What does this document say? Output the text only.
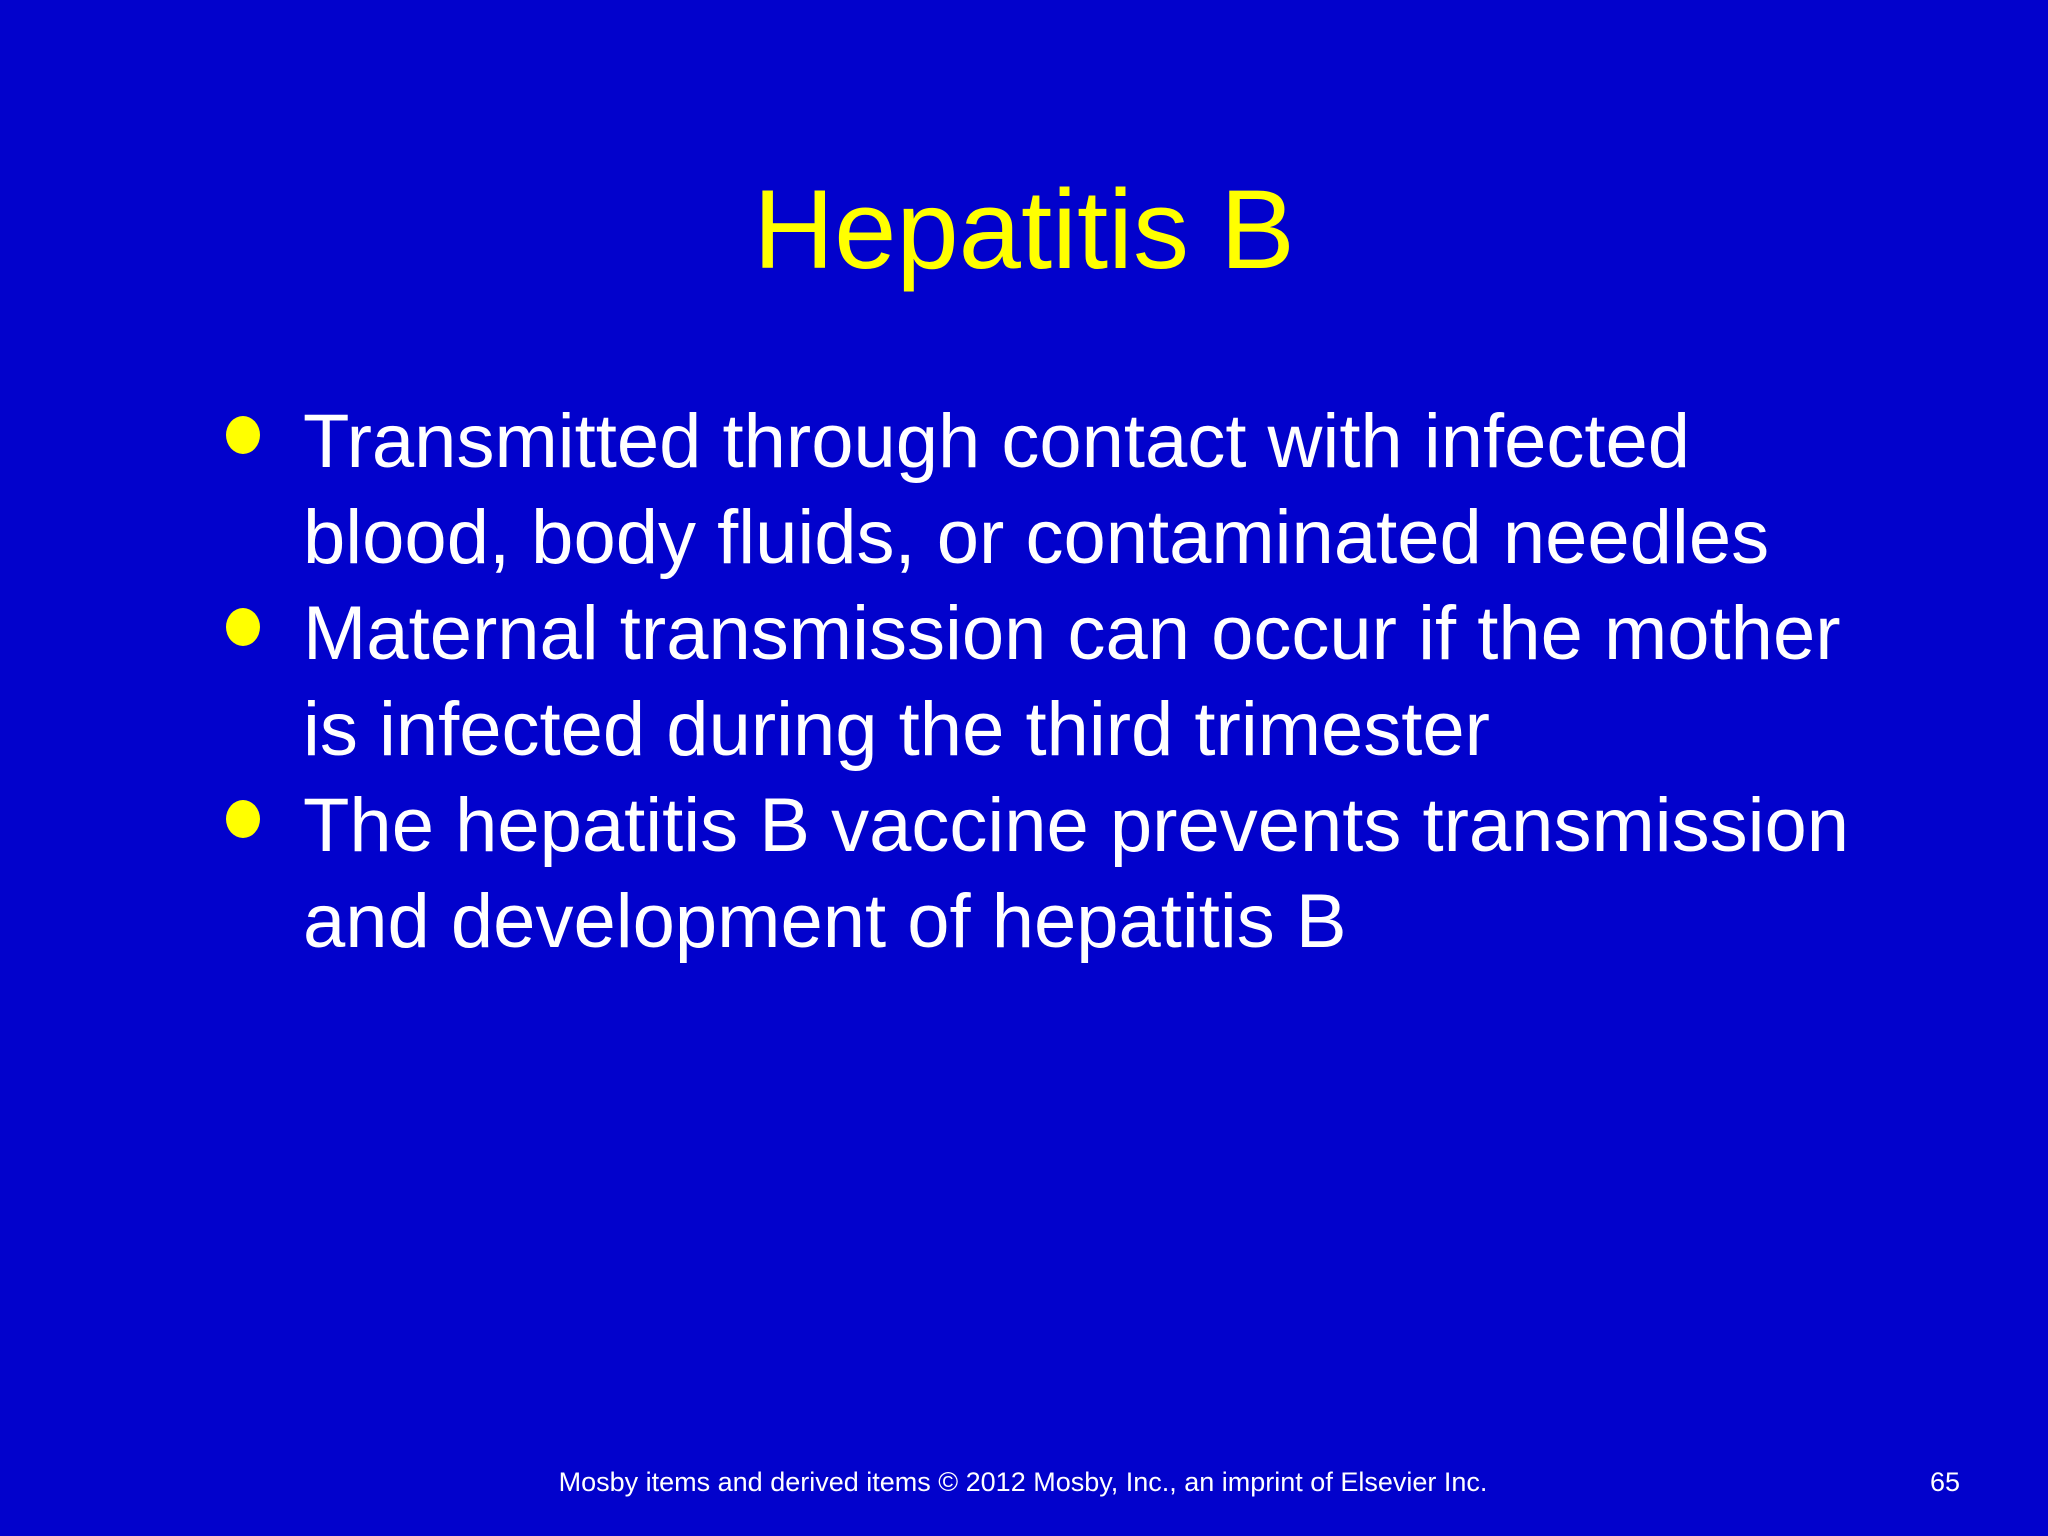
Hepatitis B
Transmitted through contact with infected blood, body fluids, or contaminated needles
Maternal transmission can occur if the mother is infected during the third trimester
The hepatitis B vaccine prevents transmission and development of hepatitis B
Mosby items and derived items © 2012 Mosby, Inc., an imprint of Elsevier Inc.	65
